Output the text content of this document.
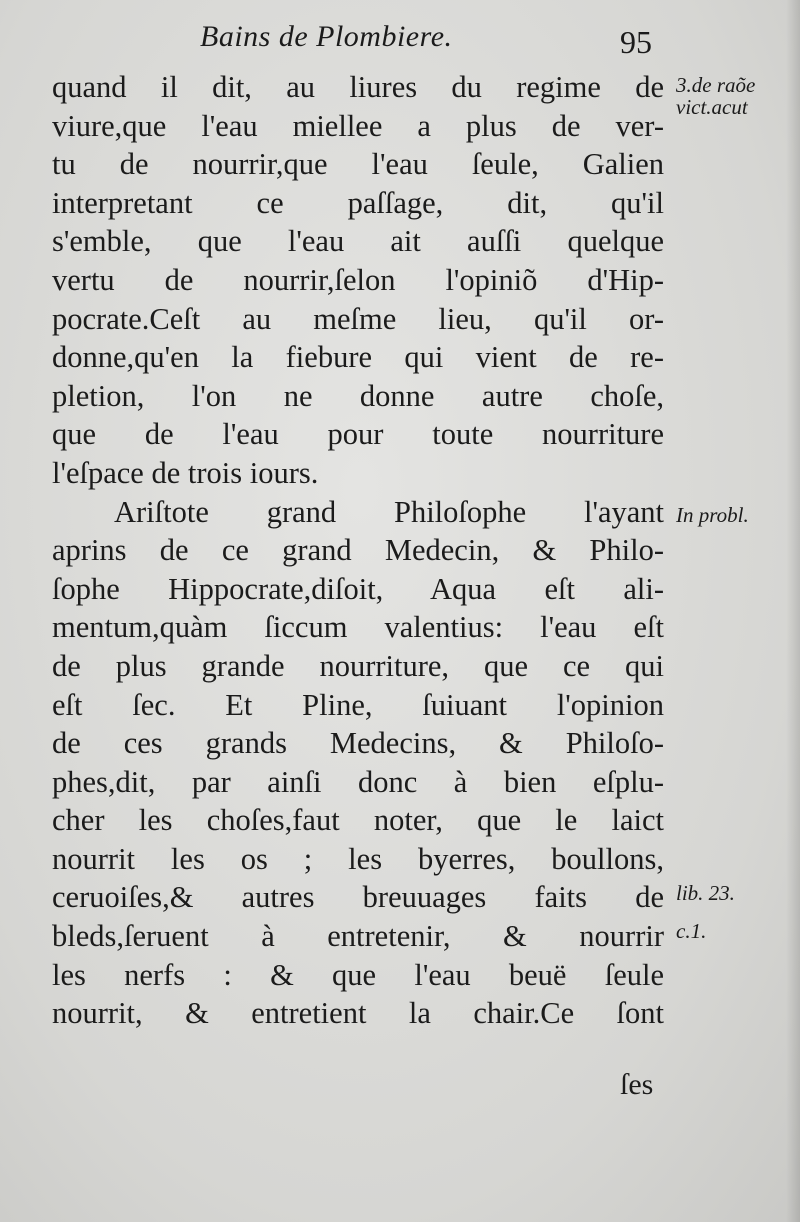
Bains de Plombiere.	95
quand il dit, au liures du regime de
viure,que l'eau miellee a plus de ver-
tu de nourrir,que l'eau ſeule, Galien
interpretant ce paſſage, dit, qu'il
s'emble, que l'eau ait auſſi quelque
vertu de nourrir,ſelon l'opiniõ d'Hip-
pocrate.Ceſt au meſme lieu, qu'il or-
donne,qu'en la fiebure qui vient de re-
pletion, l'on ne donne autre choſe,
que de l'eau pour toute nourriture
l'eſpace de trois iours.
Ariſtote grand Philoſophe l'ayant
aprins de ce grand Medecin, & Philo-
ſophe Hippocrate,diſoit, Aqua eſt ali-
mentum,quàm ſiccum valentius: l'eau eſt
de plus grande nourriture, que ce qui
eſt ſec. Et Pline, ſuiuant l'opinion
de ces grands Medecins, & Philoſo-
phes,dit, par ainſi donc à bien eſplu-
cher les choſes,faut noter, que le laict
nourrit les os ; les byerres, boullons,
ceruoiſes,& autres breuuages faits de
bleds,ſeruent à entretenir, & nourrir
les nerfs : & que l'eau beuë ſeule
nourrit, & entretient la chair.Ce ſont
3.de raõe
vict.acut
In probl.
lib. 23.
c.1.
ſes
